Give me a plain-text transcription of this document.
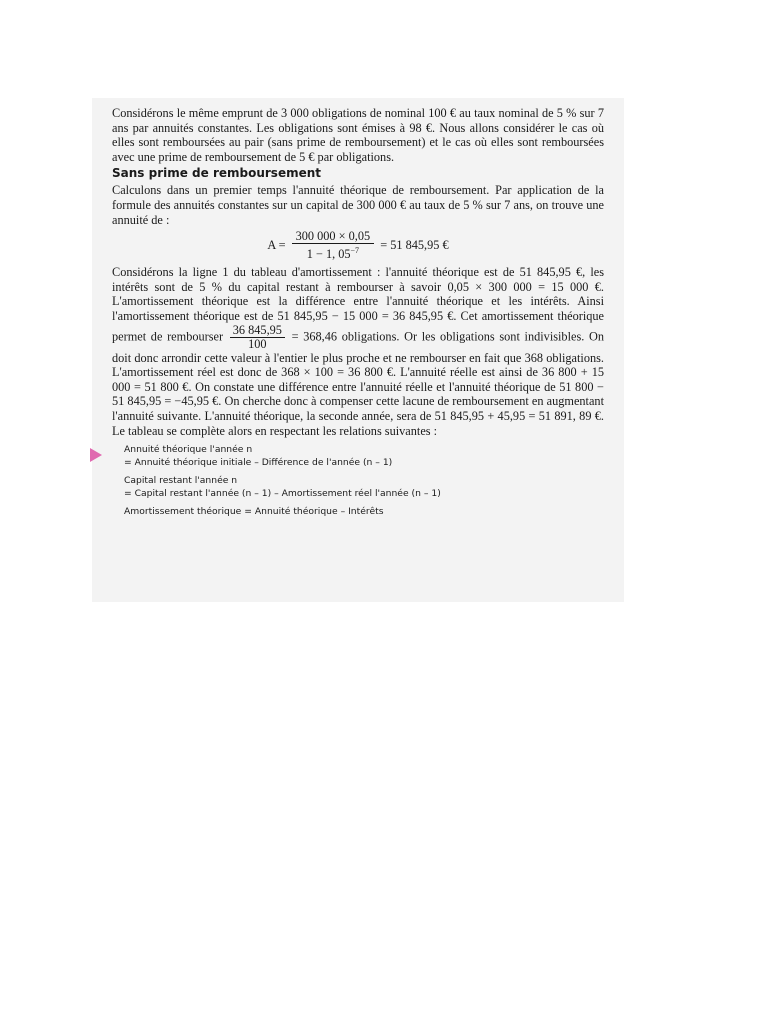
Considérons le même emprunt de 3 000 obligations de nominal 100 € au taux nominal de 5 % sur 7 ans par annuités constantes. Les obligations sont émises à 98 €. Nous allons considérer le cas où elles sont remboursées au pair (sans prime de remboursement) et le cas où elles sont remboursées avec une prime de remboursement de 5 € par obligations.

Sans prime de remboursement

Calculons dans un premier temps l'annuité théorique de remboursement. Par application de la formule des annuités constantes sur un capital de 300 000 € au taux de 5 % sur 7 ans, on trouve une annuité de :

$A = \frac{300 000 \times 0,05}{1 - 1, 05^{-7}} = 51$ 845,95 €

Considérons la ligne 1 du tableau d'amortissement : l'annuité théorique est de 51 845,95 €, les intérêts sont de 5 % du capital restant à rembourser à savoir 0,05 × 300 000 = 15 000 €. L'amortissement théorique est la différence entre l'annuité théorique et les intérêts. Ainsi l'amortissement théorique est de 51 845,95 − 15 000 = 36 845,95 €. Cet amortissement théorique permet de rembourser $\frac{36 845,95}{100} = 368,46$ obligations. Or les obligations sont indivisibles. On doit donc arrondir cette valeur à l'entier le plus proche et ne rembourser en fait que 368 obligations. L'amortissement réel est donc de 368 × 100 = 36 800 €. L'annuité réelle est ainsi de 36 800 + 15 000 = 51 800 €. On constate une différence entre l'annuité réelle et l'annuité théorique de 51 800 − 51 845,95 = −45,95 €. On cherche donc à compenser cette lacune de remboursement en augmentant l'annuité suivante. L'annuité théorique, la seconde année, sera de 51 845,95 + 45,95 = 51 891, 89 €. Le tableau se complète alors en respectant les relations suivantes :

Annuité théorique l'année n

= Annuité théorique initiale – Différence de l'année (n – 1)

Capital restant l'année n

= Capital restant l'année (n – 1) – Amortissement réel l'année (n – 1)

Amortissement théorique = Annuité théorique – Intérêts
